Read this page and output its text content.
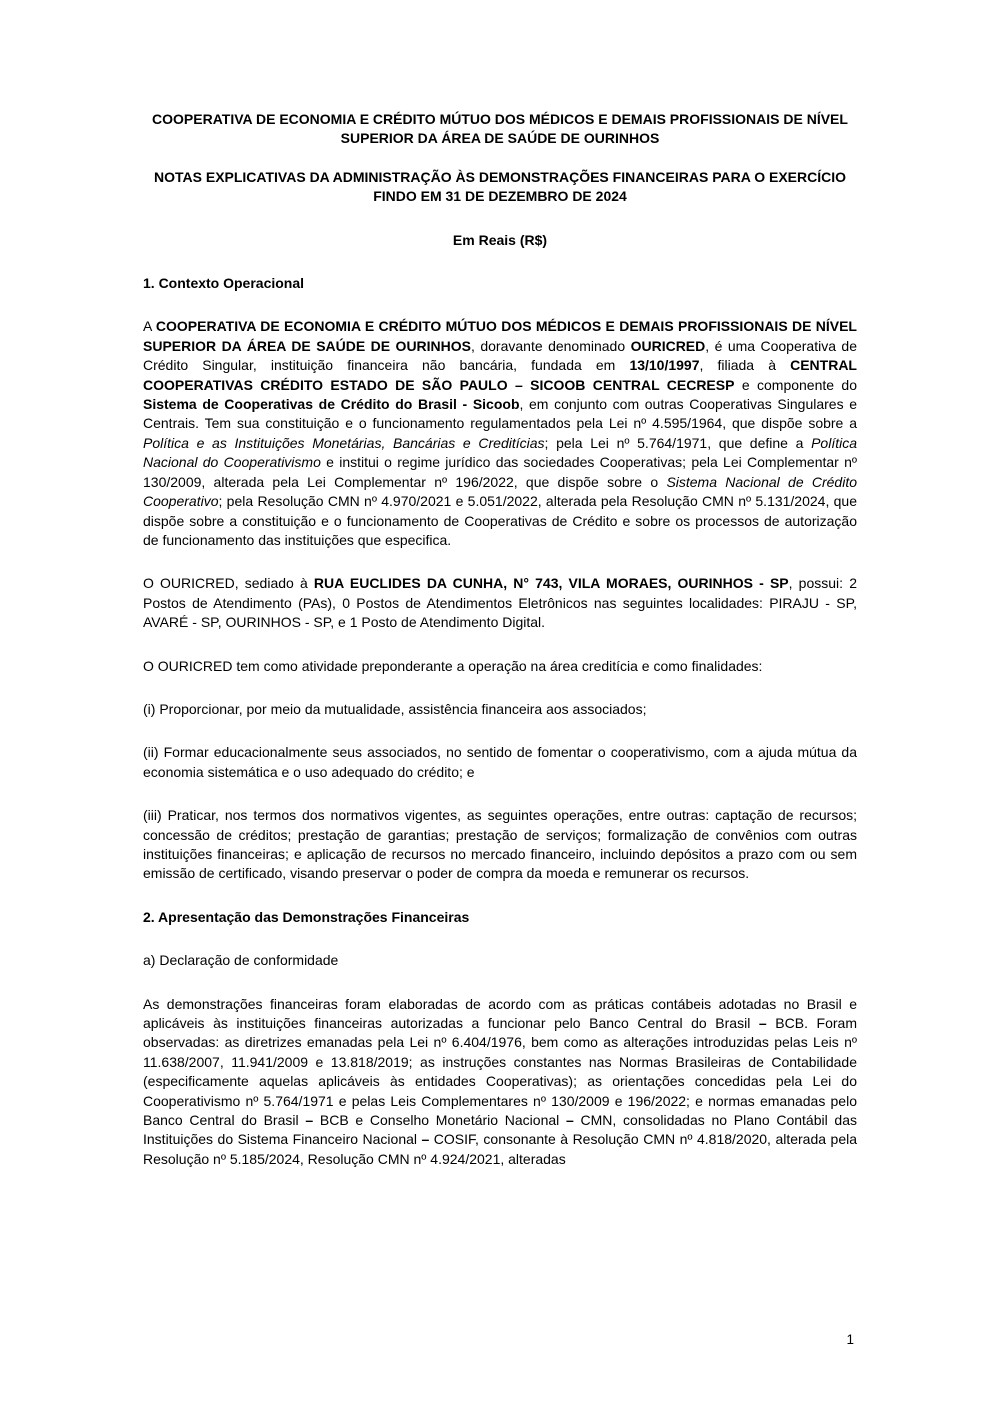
COOPERATIVA DE ECONOMIA E CRÉDITO MÚTUO DOS MÉDICOS E DEMAIS PROFISSIONAIS DE NÍVEL SUPERIOR DA ÁREA DE SAÚDE DE OURINHOS

NOTAS EXPLICATIVAS DA ADMINISTRAÇÃO ÀS DEMONSTRAÇÕES FINANCEIRAS PARA O EXERCÍCIO FINDO EM 31 DE DEZEMBRO DE 2024

Em Reais (R$)

1. Contexto Operacional

A COOPERATIVA DE ECONOMIA E CRÉDITO MÚTUO DOS MÉDICOS E DEMAIS PROFISSIONAIS DE NÍVEL SUPERIOR DA ÁREA DE SAÚDE DE OURINHOS, doravante denominado OURICRED, é uma Cooperativa de Crédito Singular, instituição financeira não bancária, fundada em 13/10/1997, filiada à CENTRAL COOPERATIVAS CRÉDITO ESTADO DE SÃO PAULO – SICOOB CENTRAL CECRESP e componente do Sistema de Cooperativas de Crédito do Brasil - Sicoob, em conjunto com outras Cooperativas Singulares e Centrais. Tem sua constituição e o funcionamento regulamentados pela Lei nº 4.595/1964, que dispõe sobre a Política e as Instituições Monetárias, Bancárias e Creditícias; pela Lei nº 5.764/1971, que define a Política Nacional do Cooperativismo e institui o regime jurídico das sociedades Cooperativas; pela Lei Complementar nº 130/2009, alterada pela Lei Complementar nº 196/2022, que dispõe sobre o Sistema Nacional de Crédito Cooperativo; pela Resolução CMN nº 4.970/2021 e 5.051/2022, alterada pela Resolução CMN nº 5.131/2024, que dispõe sobre a constituição e o funcionamento de Cooperativas de Crédito e sobre os processos de autorização de funcionamento das instituições que especifica.

O OURICRED, sediado à RUA EUCLIDES DA CUNHA, N° 743, VILA MORAES, OURINHOS - SP, possui: 2 Postos de Atendimento (PAs), 0 Postos de Atendimentos Eletrônicos nas seguintes localidades: PIRAJU - SP, AVARÉ - SP, OURINHOS - SP, e 1 Posto de Atendimento Digital.

O OURICRED tem como atividade preponderante a operação na área creditícia e como finalidades:

(i) Proporcionar, por meio da mutualidade, assistência financeira aos associados;

(ii) Formar educacionalmente seus associados, no sentido de fomentar o cooperativismo, com a ajuda mútua da economia sistemática e o uso adequado do crédito; e

(iii) Praticar, nos termos dos normativos vigentes, as seguintes operações, entre outras: captação de recursos; concessão de créditos; prestação de garantias; prestação de serviços; formalização de convênios com outras instituições financeiras; e aplicação de recursos no mercado financeiro, incluindo depósitos a prazo com ou sem emissão de certificado, visando preservar o poder de compra da moeda e remunerar os recursos.

2. Apresentação das Demonstrações Financeiras

a) Declaração de conformidade

As demonstrações financeiras foram elaboradas de acordo com as práticas contábeis adotadas no Brasil e aplicáveis às instituições financeiras autorizadas a funcionar pelo Banco Central do Brasil – BCB. Foram observadas: as diretrizes emanadas pela Lei nº 6.404/1976, bem como as alterações introduzidas pelas Leis nº 11.638/2007, 11.941/2009 e 13.818/2019; as instruções constantes nas Normas Brasileiras de Contabilidade (especificamente aquelas aplicáveis às entidades Cooperativas); as orientações concedidas pela Lei do Cooperativismo nº 5.764/1971 e pelas Leis Complementares nº 130/2009 e 196/2022; e normas emanadas pelo Banco Central do Brasil – BCB e Conselho Monetário Nacional – CMN, consolidadas no Plano Contábil das Instituições do Sistema Financeiro Nacional – COSIF, consonante à Resolução CMN nº 4.818/2020, alterada pela Resolução nº 5.185/2024, Resolução CMN nº 4.924/2021, alteradas

1
